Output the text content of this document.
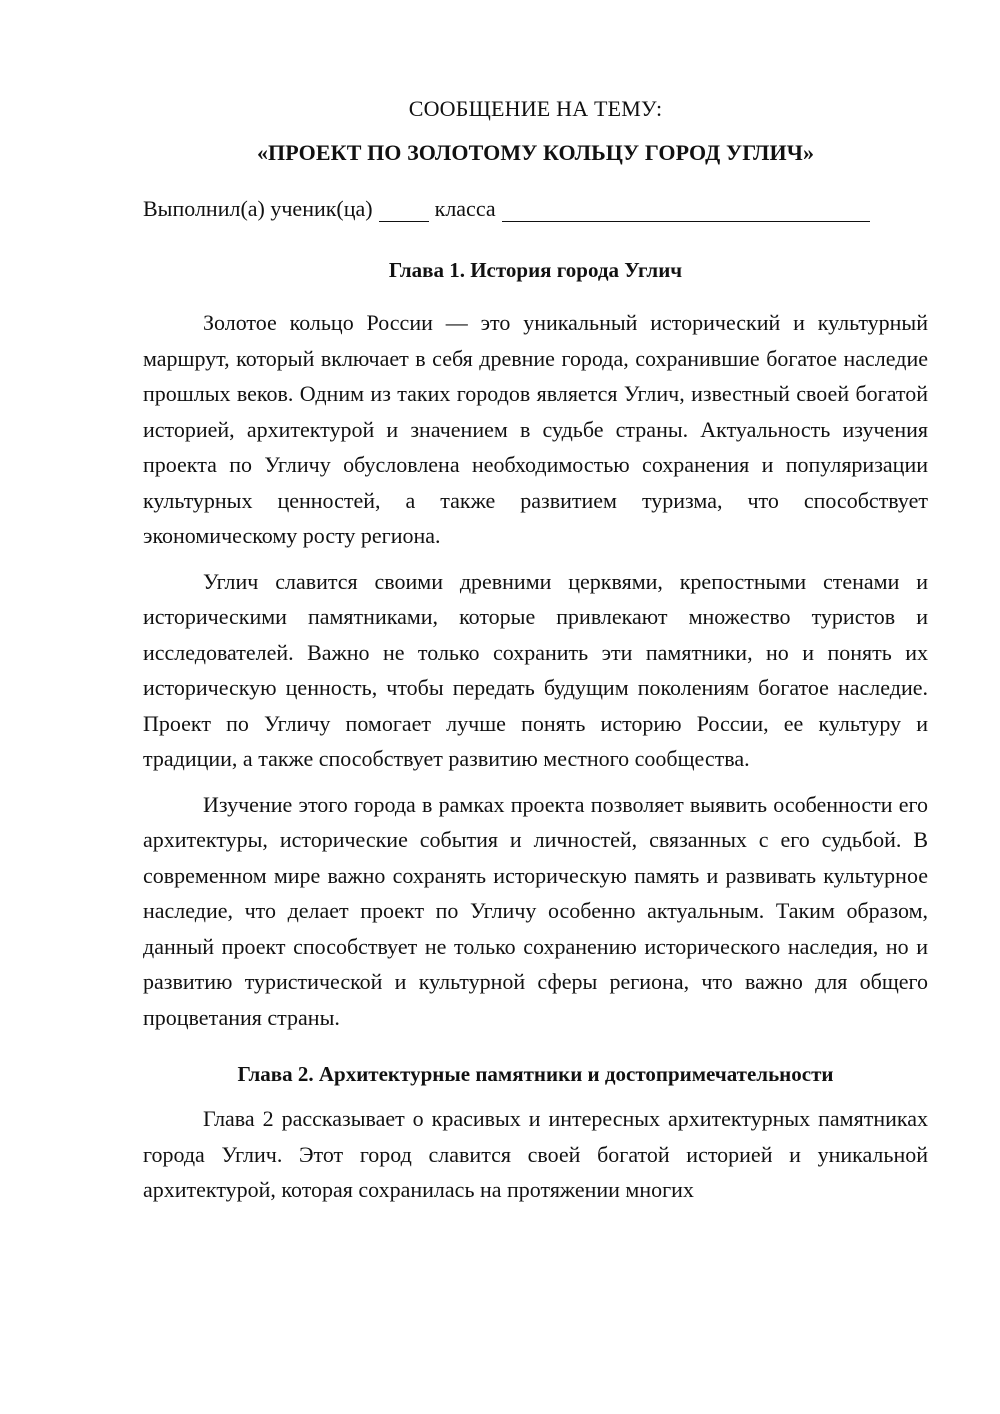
СООБЩЕНИЕ НА ТЕМУ:

«ПРОЕКТ ПО ЗОЛОТОМУ КОЛЬЦУ ГОРОД УГЛИЧ»

Выполнил(а) ученик(ца)	класса
Глава 1. История города Углич

Золотое кольцо России — это уникальный исторический и культурный маршрут, который включает в себя древние города, сохранившие богатое наследие прошлых веков. Одним из таких городов является Углич, известный своей богатой историей, архитектурой и значением в судьбе страны. Актуальность изучения проекта по Угличу обусловлена необходимостью сохранения и популяризации культурных ценностей, а также развитием туризма, что способствует экономическому росту региона.

Углич славится своими древними церквями, крепостными стенами и историческими памятниками, которые привлекают множество туристов и исследователей. Важно не только сохранить эти памятники, но и понять их историческую ценность, чтобы передать будущим поколениям богатое наследие. Проект по Угличу помогает лучше понять историю России, ее культуру и традиции, а также способствует развитию местного сообщества.

Изучение этого города в рамках проекта позволяет выявить особенности его архитектуры, исторические события и личностей, связанных с его судьбой. В современном мире важно сохранять историческую память и развивать культурное наследие, что делает проект по Угличу особенно актуальным. Таким образом, данный проект способствует не только сохранению исторического наследия, но и развитию туристической и культурной сферы региона, что важно для общего процветания страны.

Глава 2. Архитектурные памятники и достопримечательности

Глава 2 рассказывает о красивых и интересных архитектурных памятниках города Углич. Этот город славится своей богатой историей и уникальной архитектурой, которая сохранилась на протяжении многих
